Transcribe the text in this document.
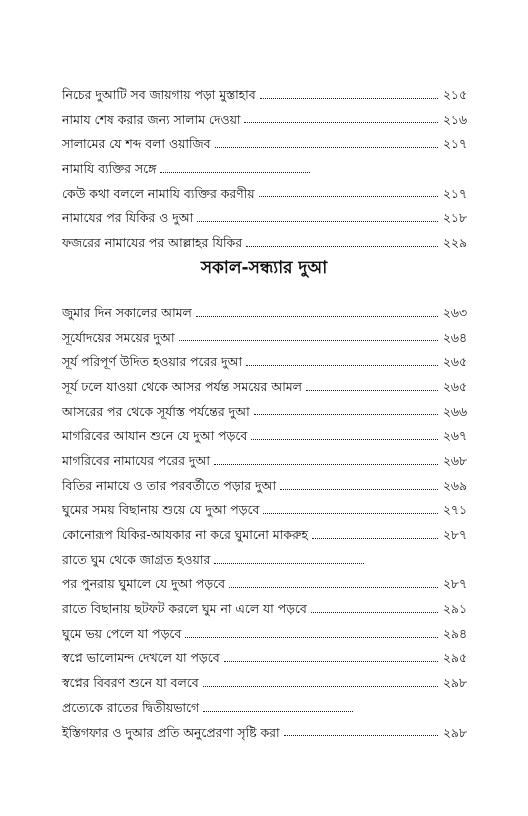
নিচের দুআটি সব জায়গায় পড়া মুস্তাহাব	২১৫
নামায শেষ করার জন্য সালাম দেওয়া	২১৬
সালামের যে শব্দ বলা ওয়াজিব	২১৭
নামাযি ব্যক্তির সঙ্গে
কেউ কথা বললে নামাযি ব্যক্তির করণীয়	২১৭
নামাযের পর যিকির ও দুআ	২১৮
ফজরের নামাযের পর আল্লাহর যিকির	২২৯
সকাল-সন্ধ্যার দুআ
জুমার দিন সকালের আমল	২৬৩
সূর্যোদয়ের সময়ের দুআ	২৬৪
সূর্য পরিপূর্ণ উদিত হওয়ার পরের দুআ	২৬৫
সূর্য ঢলে যাওয়া থেকে আসর পর্যন্ত সময়ের আমল	২৬৫
আসরের পর থেকে সূর্যাস্ত পর্যন্তের দুআ	২৬৬
মাগরিবের আযান শুনে যে দুআ পড়বে	২৬৭
মাগরিবের নামাযের পরের দুআ	২৬৮
বিতির নামাযে ও তার পরবর্তীতে পড়ার দুআ	২৬৯
ঘুমের সময় বিছানায় শুয়ে যে দুআ পড়বে	২৭১
কোনোরূপ যিকির-আযকার না করে ঘুমানো মাকরুহ	২৮৭
রাতে ঘুম থেকে জাগ্রত হওয়ার
পর পুনরায় ঘুমালে যে দুআ পড়বে	২৮৭
রাতে বিছানায় ছটফট করলে ঘুম না এলে যা পড়বে	২৯১
ঘুমে ভয় পেলে যা পড়বে	২৯৪
স্বপ্নে ভালোমন্দ দেখলে যা পড়বে	২৯৫
স্বপ্নের বিবরণ শুনে যা বলবে	২৯৮
প্রত্যেকে রাতের দ্বিতীয়ভাগে
ইস্তিগফার ও দুআর প্রতি অনুপ্রেরণা সৃষ্টি করা	২৯৮
